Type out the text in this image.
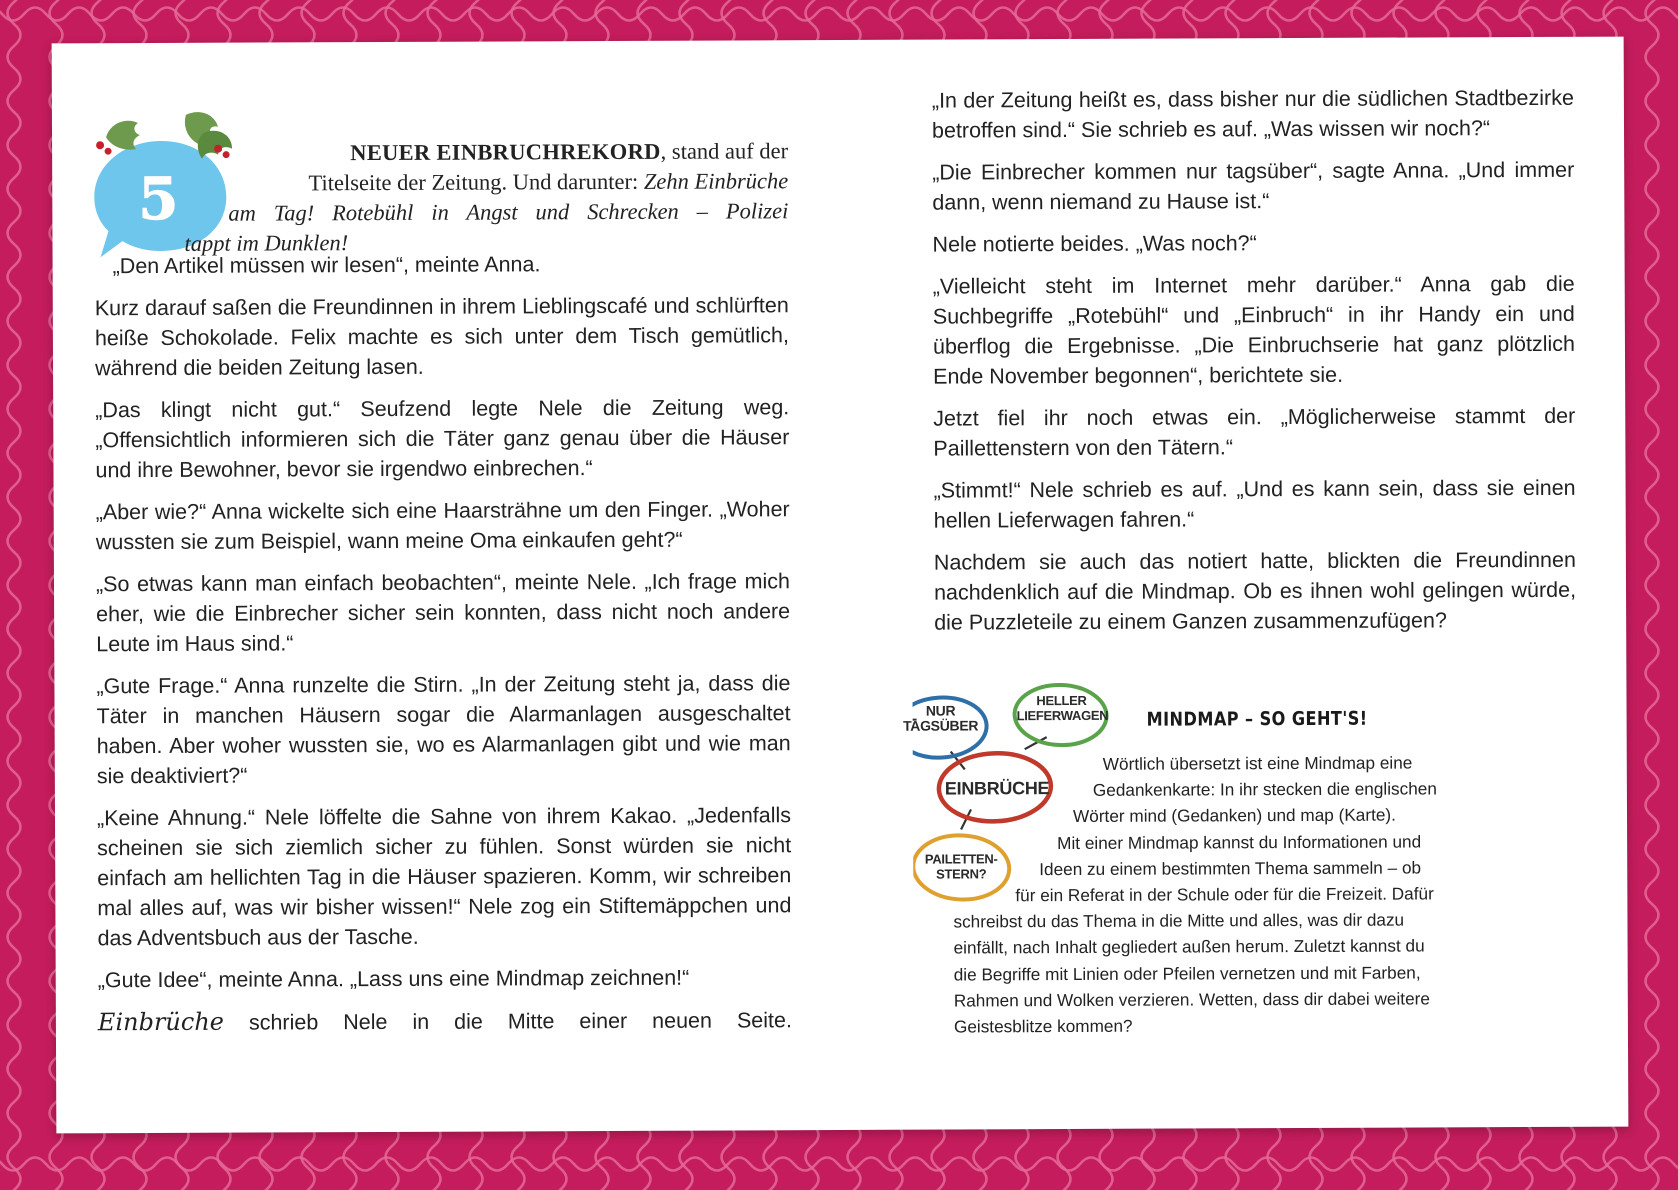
5
NEUER EINBRUCHREKORD, stand auf der
Titelseite der Zeitung. Und darunter: Zehn Einbrüche
am Tag! Rotebühl in Angst und Schrecken – Polizei
tappt im Dunklen!

„Den Artikel müssen wir lesen“, meinte Anna.

Kurz darauf saßen die Freundinnen in ihrem Lieblingscafé und schlürften heiße Schokolade. Felix machte es sich unter dem Tisch gemütlich, während die beiden Zeitung lasen.

„Das klingt nicht gut.“ Seufzend legte Nele die Zeitung weg. „Offensichtlich informieren sich die Täter ganz genau über die Häuser und ihre Bewohner, bevor sie irgendwo einbrechen.“

„Aber wie?“ Anna wickelte sich eine Haarsträhne um den Finger. „Woher wussten sie zum Beispiel, wann meine Oma einkaufen geht?“

„So etwas kann man einfach beobachten“, meinte Nele. „Ich frage mich eher, wie die Einbrecher sicher sein konnten, dass nicht noch andere Leute im Haus sind.“

„Gute Frage.“ Anna runzelte die Stirn. „In der Zeitung steht ja, dass die Täter in manchen Häusern sogar die Alarmanlagen ausgeschaltet haben. Aber woher wussten sie, wo es Alarmanlagen gibt und wie man sie deaktiviert?“

„Keine Ahnung.“ Nele löffelte die Sahne von ihrem Kakao. „Jedenfalls scheinen sie sich ziemlich sicher zu fühlen. Sonst würden sie nicht einfach am hellichten Tag in die Häuser spazieren. Komm, wir schreiben mal alles auf, was wir bisher wissen!“ Nele zog ein Stiftemäppchen und das Adventsbuch aus der Tasche.

„Gute Idee“, meinte Anna. „Lass uns eine Mindmap zeichnen!“

Einbrüche schrieb Nele in die Mitte einer neuen Seite.

„In der Zeitung heißt es, dass bisher nur die südlichen Stadtbezirke betroffen sind.“ Sie schrieb es auf. „Was wissen wir noch?“

„Die Einbrecher kommen nur tagsüber“, sagte Anna. „Und immer dann, wenn niemand zu Hause ist.“

Nele notierte beides. „Was noch?“

„Vielleicht steht im Internet mehr darüber.“ Anna gab die Suchbegriffe „Rotebühl“ und „Einbruch“ in ihr Handy ein und überflog die Ergebnisse. „Die Einbruchserie hat ganz plötzlich Ende November begonnen“, berichtete sie.

Jetzt fiel ihr noch etwas ein. „Möglicherweise stammt der Paillettenstern von den Tätern.“

„Stimmt!“ Nele schrieb es auf. „Und es kann sein, dass sie einen hellen Lieferwagen fahren.“

Nachdem sie auch das notiert hatte, blickten die Freundinnen nachdenklich auf die Mindmap. Ob es ihnen wohl gelingen würde, die Puzzleteile zu einem Ganzen zusammenzufügen?

NUR
TAGSÜBER
HELLER
LIEFERWAGEN
EINBRÜCHE
PAILETTEN-
STERN?
MINDMAP – SO GEHT'S!
Wörtlich übersetzt ist eine Mindmap eine
Gedankenkarte: In ihr stecken die englischen
Wörter mind (Gedanken) und map (Karte).
Mit einer Mindmap kannst du Informationen und
Ideen zu einem bestimmten Thema sammeln – ob
für ein Referat in der Schule oder für die Freizeit. Dafür
schreibst du das Thema in die Mitte und alles, was dir dazu
einfällt, nach Inhalt gegliedert außen herum. Zuletzt kannst du
die Begriffe mit Linien oder Pfeilen vernetzen und mit Farben,
Rahmen und Wolken verzieren. Wetten, dass dir dabei weitere
Geistesblitze kommen?
